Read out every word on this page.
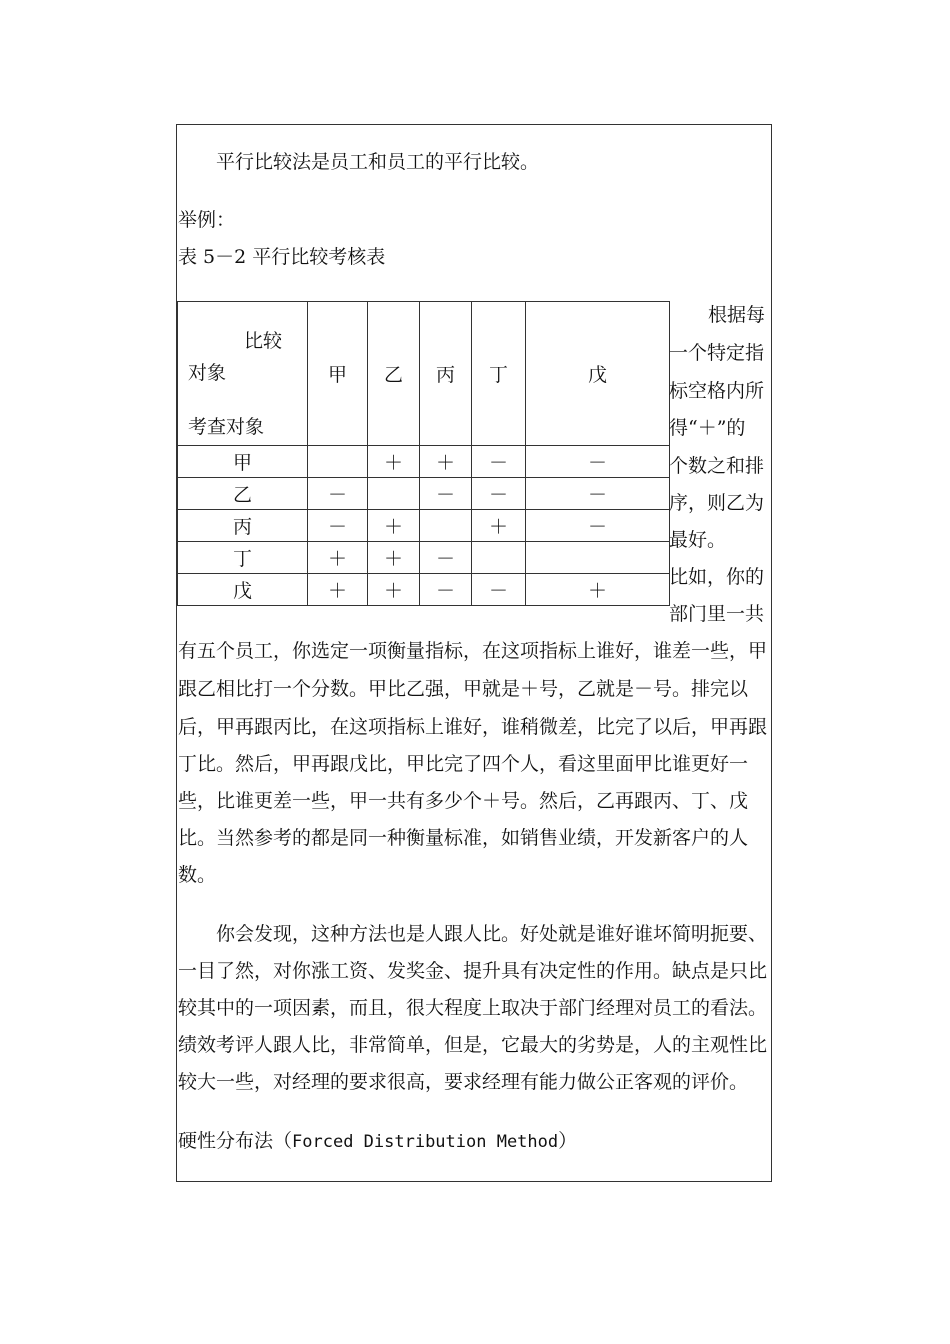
平行比较法是员工和员工的平行比较。
举例：
表 5－2 平行比较考核表
比较
对象
考查对象	甲	乙	丙	丁	戊
甲		＋	＋	－	－
乙	－		－	－	－
丙	－	＋		＋	－
丁	＋	＋	－		
戊	＋	＋	－	－	＋
根据每
一个特定指
标空格内所
得“＋”的
个数之和排
序，则乙为
最好。
比如，你的
部门里一共
有五个员工，你选定一项衡量指标，在这项指标上谁好，谁差一些，甲
跟乙相比打一个分数。甲比乙强，甲就是＋号，乙就是－号。排完以
后，甲再跟丙比，在这项指标上谁好，谁稍微差，比完了以后，甲再跟
丁比。然后，甲再跟戊比，甲比完了四个人，看这里面甲比谁更好一
些，比谁更差一些，甲一共有多少个＋号。然后，乙再跟丙、丁、戊
比。当然参考的都是同一种衡量标准，如销售业绩，开发新客户的人
数。
你会发现，这种方法也是人跟人比。好处就是谁好谁坏简明扼要、
一目了然，对你涨工资、发奖金、提升具有决定性的作用。缺点是只比
较其中的一项因素，而且，很大程度上取决于部门经理对员工的看法。
绩效考评人跟人比，非常简单，但是，它最大的劣势是，人的主观性比
较大一些，对经理的要求很高，要求经理有能力做公正客观的评价。
硬性分布法（Forced Distribution Method）
